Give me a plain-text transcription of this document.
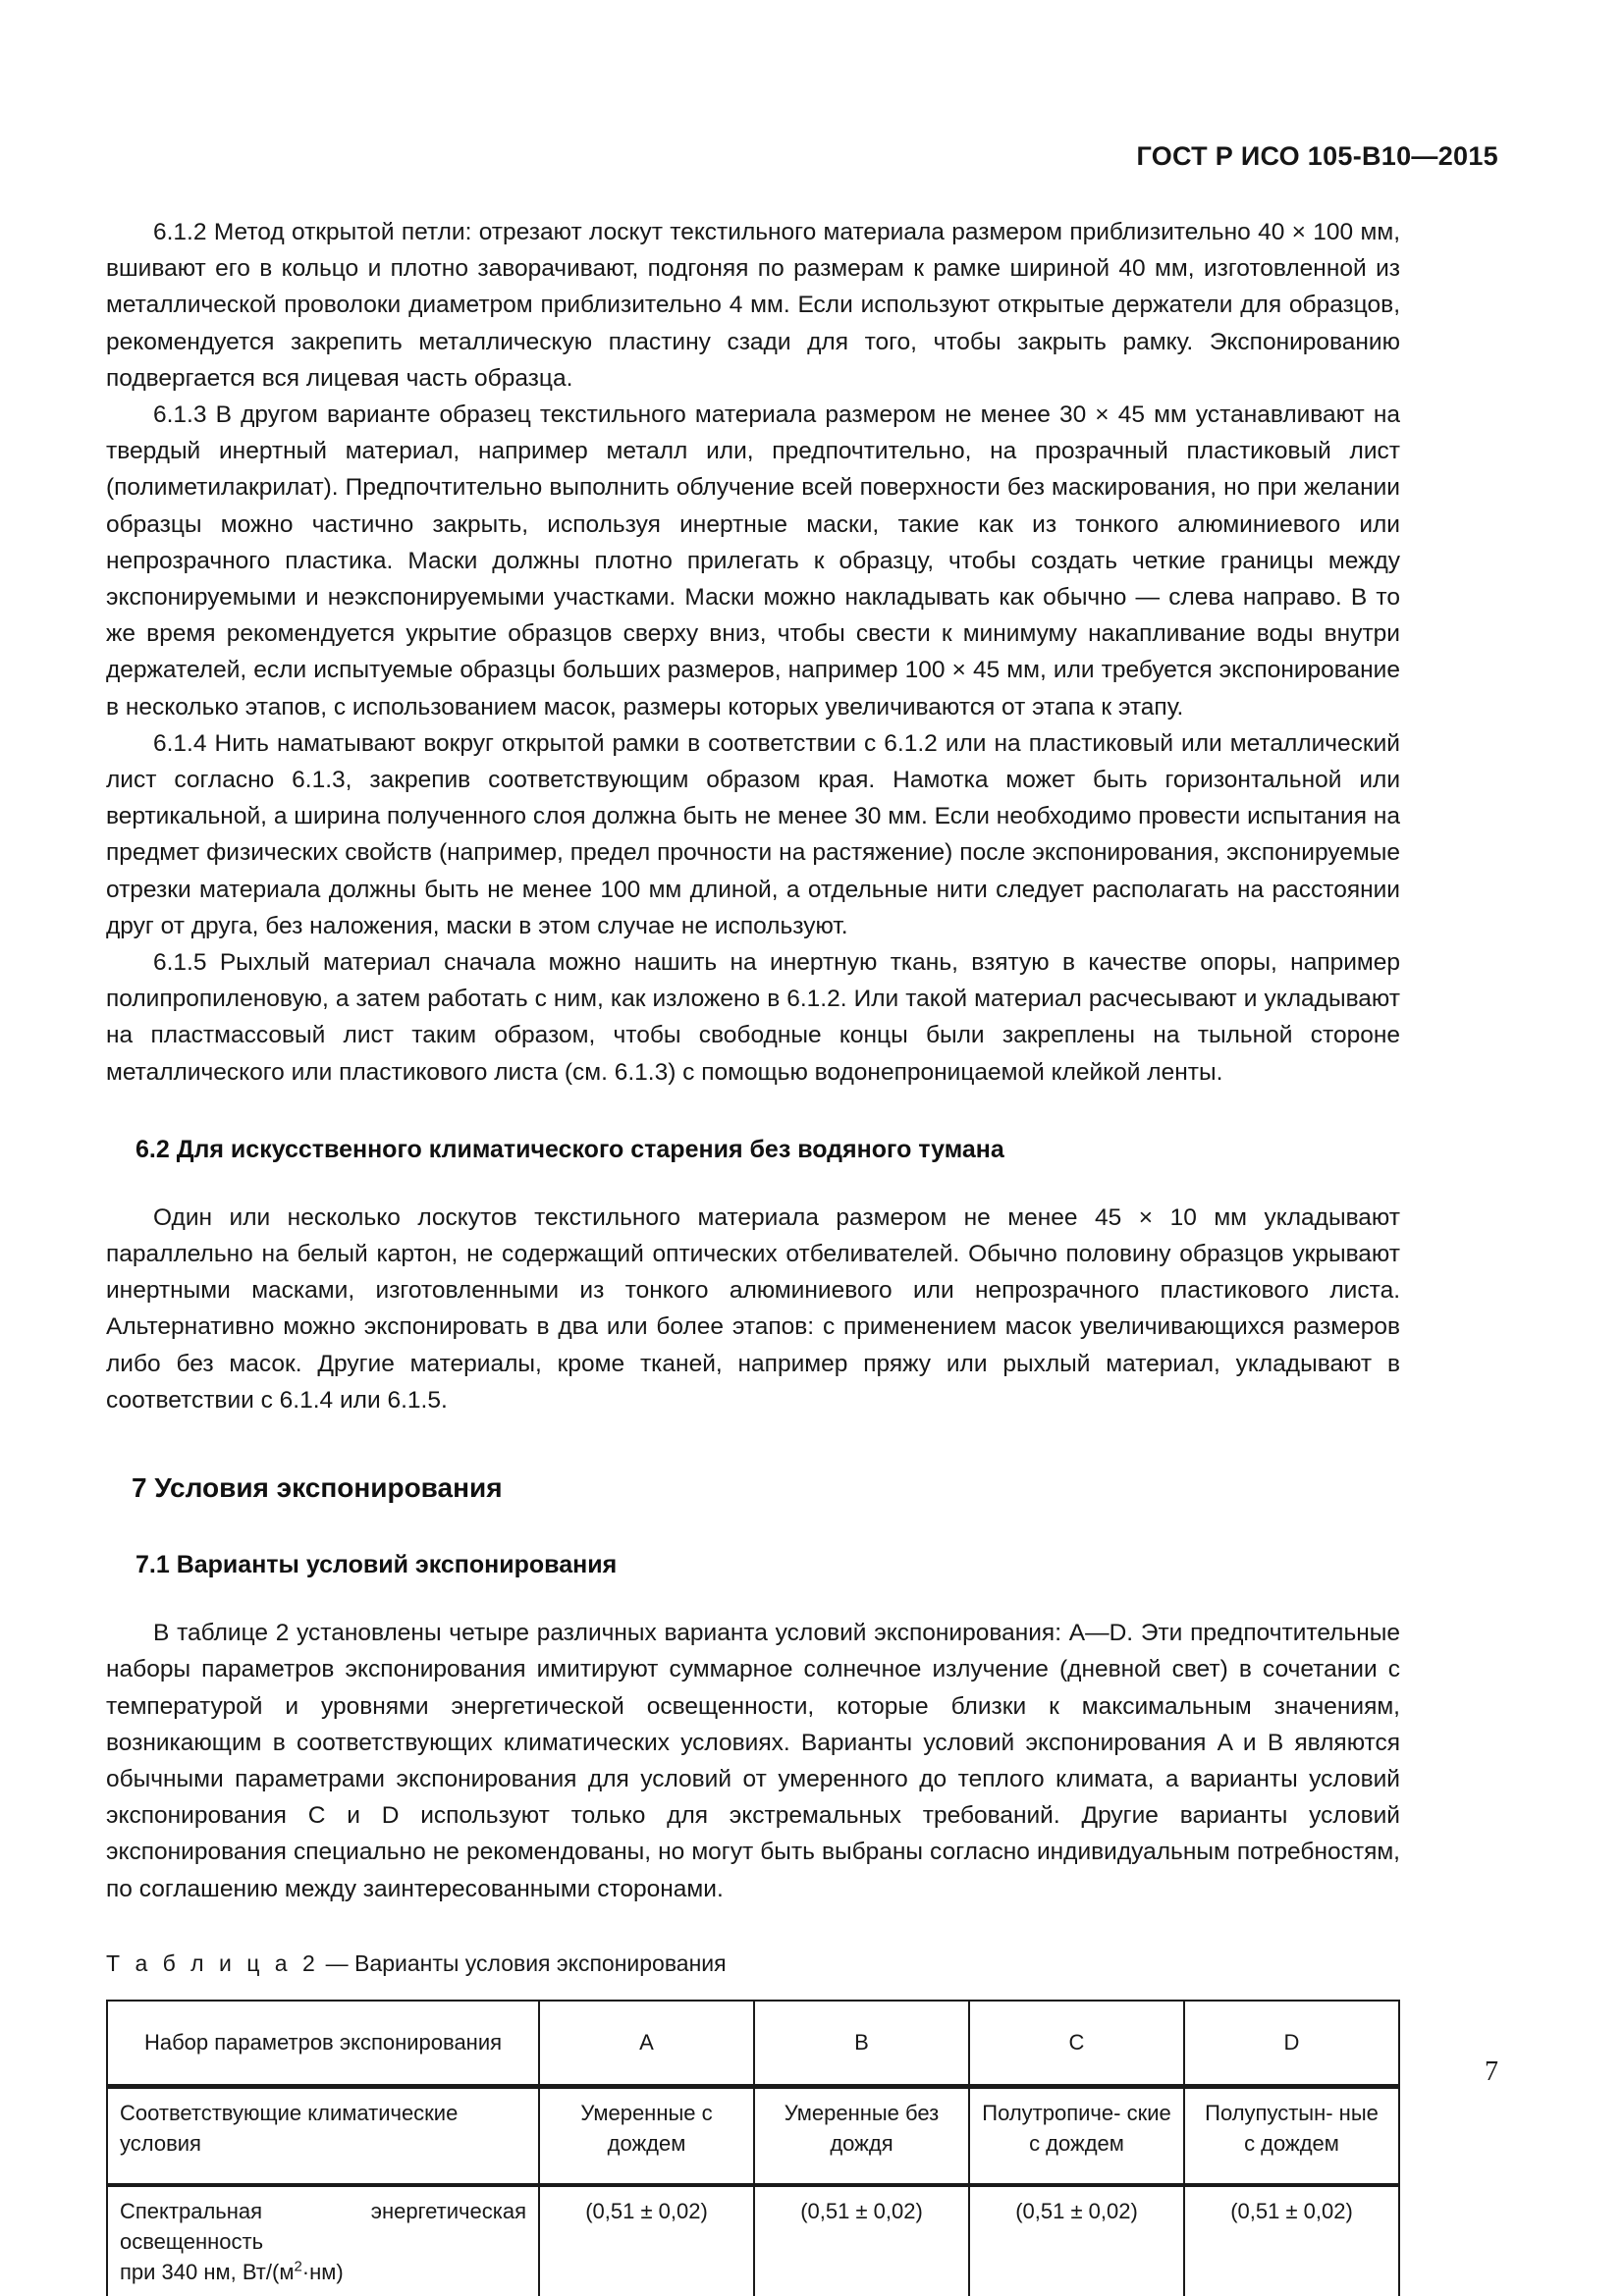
ГОСТ Р ИСО 105-В10—2015

6.1.2 Метод открытой петли: отрезают лоскут текстильного материала размером приблизительно 40 × 100 мм, вшивают его в кольцо и плотно заворачивают, подгоняя по размерам к рамке шириной 40 мм, изготовленной из металлической проволоки диаметром приблизительно 4 мм. Если используют открытые держатели для образцов, рекомендуется закрепить металлическую пластину сзади для того, чтобы закрыть рамку. Экспонированию подвергается вся лицевая часть образца.

6.1.3 В другом варианте образец текстильного материала размером не менее 30 × 45 мм устанавливают на твердый инертный материал, например металл или, предпочтительно, на прозрачный пластиковый лист (полиметилакрилат). Предпочтительно выполнить облучение всей поверхности без маскирования, но при желании образцы можно частично закрыть, используя инертные маски, такие как из тонкого алюминиевого или непрозрачного пластика. Маски должны плотно прилегать к образцу, чтобы создать четкие границы между экспонируемыми и неэкспонируемыми участками. Маски можно накладывать как обычно — слева направо. В то же время рекомендуется укрытие образцов сверху вниз, чтобы свести к минимуму накапливание воды внутри держателей, если испытуемые образцы больших размеров, например 100 × 45 мм, или требуется экспонирование в несколько этапов, с использованием масок, размеры которых увеличиваются от этапа к этапу.

6.1.4 Нить наматывают вокруг открытой рамки в соответствии с 6.1.2 или на пластиковый или металлический лист согласно 6.1.3, закрепив соответствующим образом края. Намотка может быть горизонтальной или вертикальной, а ширина полученного слоя должна быть не менее 30 мм. Если необходимо провести испытания на предмет физических свойств (например, предел прочности на растяжение) после экспонирования, экспонируемые отрезки материала должны быть не менее 100 мм длиной, а отдельные нити следует располагать на расстоянии друг от друга, без наложения, маски в этом случае не используют.

6.1.5 Рыхлый материал сначала можно нашить на инертную ткань, взятую в качестве опоры, например полипропиленовую, а затем работать с ним, как изложено в 6.1.2. Или такой материал расчесывают и укладывают на пластмассовый лист таким образом, чтобы свободные концы были закреплены на тыльной стороне металлического или пластикового листа (см. 6.1.3) с помощью водонепроницаемой клейкой ленты.

6.2 Для искусственного климатического старения без водяного тумана

Один или несколько лоскутов текстильного материала размером не менее 45 × 10 мм укладывают параллельно на белый картон, не содержащий оптических отбеливателей. Обычно половину образцов укрывают инертными масками, изготовленными из тонкого алюминиевого или непрозрачного пластикового листа. Альтернативно можно экспонировать в два или более этапов: с применением масок увеличивающихся размеров либо без масок. Другие материалы, кроме тканей, например пряжу или рыхлый материал, укладывают в соответствии с 6.1.4 или 6.1.5.

7 Условия экспонирования
7.1 Варианты условий экспонирования

В таблице 2 установлены четыре различных варианта условий экспонирования: A—D. Эти предпочтительные наборы параметров экспонирования имитируют суммарное солнечное излучение (дневной свет) в сочетании с температурой и уровнями энергетической освещенности, которые близки к максимальным значениям, возникающим в соответствующих климатических условиях. Варианты условий экспонирования A и B являются обычными параметрами экспонирования для условий от умеренного до теплого климата, а варианты условий экспонирования C и D используют только для экстремальных требований. Другие варианты условий экспонирования специально не рекомендованы, но могут быть выбраны согласно индивидуальным потребностям, по соглашению между заинтересованными сторонами.

Т а б л и ц а 2 — Варианты условия экспонирования
Набор параметров экспонирования	A	B	C	D
Соответствующие климатические условия	Умеренные с дождем	Умеренные без дождя	Полутропиче- ские с дождем	Полупустын- ные с дождем

Спектральная энергетическая освещенность
при 340 нм, $Вт/(м^2\cdot нм)$	(0,51 ± 0,02)	(0,51 ± 0,02)	(0,51 ± 0,02)	(0,51 ± 0,02)
7
